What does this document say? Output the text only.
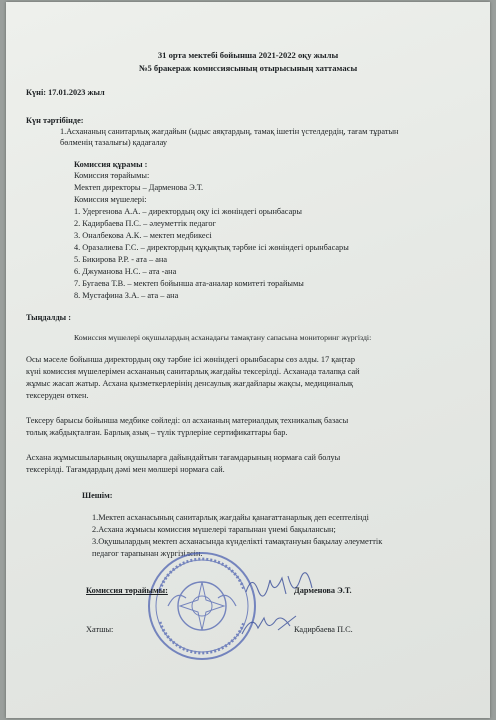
31 орта мектебі бойынша 2021-2022 оқу жылы
№5 бракераж комиссиясының отырысының хаттамасы
Күні: 17.01.2023 жыл
Күн тәртібінде:
1.Асхананың санитарлық жағдайын (ыдыс аяқтардың, тамақ ішетін үстелдердің, тағам тұратын
бөлменің тазалығы) қадағалау
Комиссия құрамы :
Комиссия төрайымы:
Мектеп директоры – Дарменова Э.Т.
Комиссия мүшелері:
1. Удергенова А.А. – директордың оқу ісі жөніндегі орынбасары
2. Кадирбаева П.С. – әлеуметтік педагог
3. Оналбекова А.К. – мектеп медбикесі
4. Оразалиева Г.С. – директордың құқықтық тәрбие ісі жөніндегі орынбасары
5. Бикирова Р.Р. - ата – ана
6. Джуманова Н.С. – ата -ана
7. Бугаева Т.В. – мектеп бойынша ата-аналар комитеті төрайымы
8. Мустафина З.А. – ата – ана
Тыңдалды :
Комиссия мүшелері оқушылардың асханадағы тамақтану сапасына мониторинг жүргізді:
Осы мәселе бойынша директордың оқу тәрбие ісі жөніндегі орынбасары сөз алды. 17 қаңтар
күні комиссия мүшелерімен асхананың санитарлық жағдайы тексерілді. Асханада талапқа сай
жұмыс жасап жатыр. Асхана қызметкерлерінің денсаулық жағдайлары жақсы, медициналық
тексеруден өткен.
Тексеру барысы бойынша медбике сөйледі: ол асхананың материалдық техникалық базасы
толық жабдықталған. Барлық азық – түлік түрлеріне сертификаттары бар.
Асхана жұмысшыларының оқушыларға дайындайтын тағамдарының нормаға сай болуы
тексерілді. Тағамдардың дәмі мен мөлшері нормаға сай.
Шешім:
1.Мектеп асханасының санитарлық жағдайы қанағаттанарлық деп есептелінді
2.Асхана жұмысы комиссия мүшелері тарапынан үнемі бақылансын;
3.Оқушылардың мектеп асханасында күнделікті тамақтануын бақылау әлеуметтік
педагог тарапынан жүргізілсін.
Комиссия төрайымы:	Дарменова Э.Т.
Хатшы:	Кадирбаева П.С.
